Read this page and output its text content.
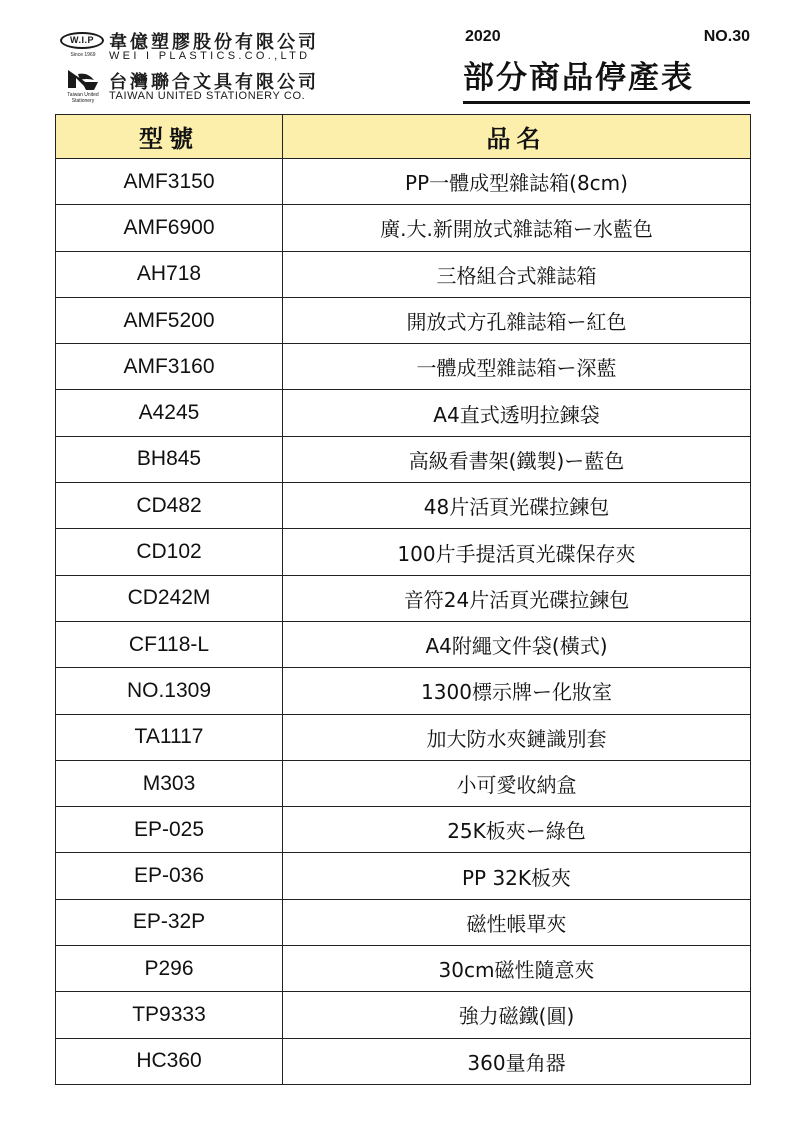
W.I.P
Since 1969
韋億塑膠股份有限公司
WEI I PLASTICS.CO.,LTD
Taiwan United Stationery
台灣聯合文具有限公司
TAIWAN UNITED STATIONERY CO.
2020	NO.30
部分商品停產表
型號	品名
AMF3150	PP一體成型雜誌箱(8cm)
AMF6900	廣.大.新開放式雜誌箱ー水藍色
AH718	三格組合式雜誌箱
AMF5200	開放式方孔雜誌箱ー紅色
AMF3160	一體成型雜誌箱ー深藍
A4245	A4直式透明拉鍊袋
BH845	高級看書架(鐵製)ー藍色
CD482	48片活頁光碟拉鍊包
CD102	100片手提活頁光碟保存夾
CD242M	音符24片活頁光碟拉鍊包
CF118-L	A4附繩文件袋(橫式)
NO.1309	1300標示牌ー化妝室
TA1117	加大防水夾鏈識別套
M303	小可愛收納盒
EP-025	25K板夾ー綠色
EP-036	PP 32K板夾
EP-32P	磁性帳單夾
P296	30cm磁性隨意夾
TP9333	強力磁鐵(圓)
HC360	360量角器
